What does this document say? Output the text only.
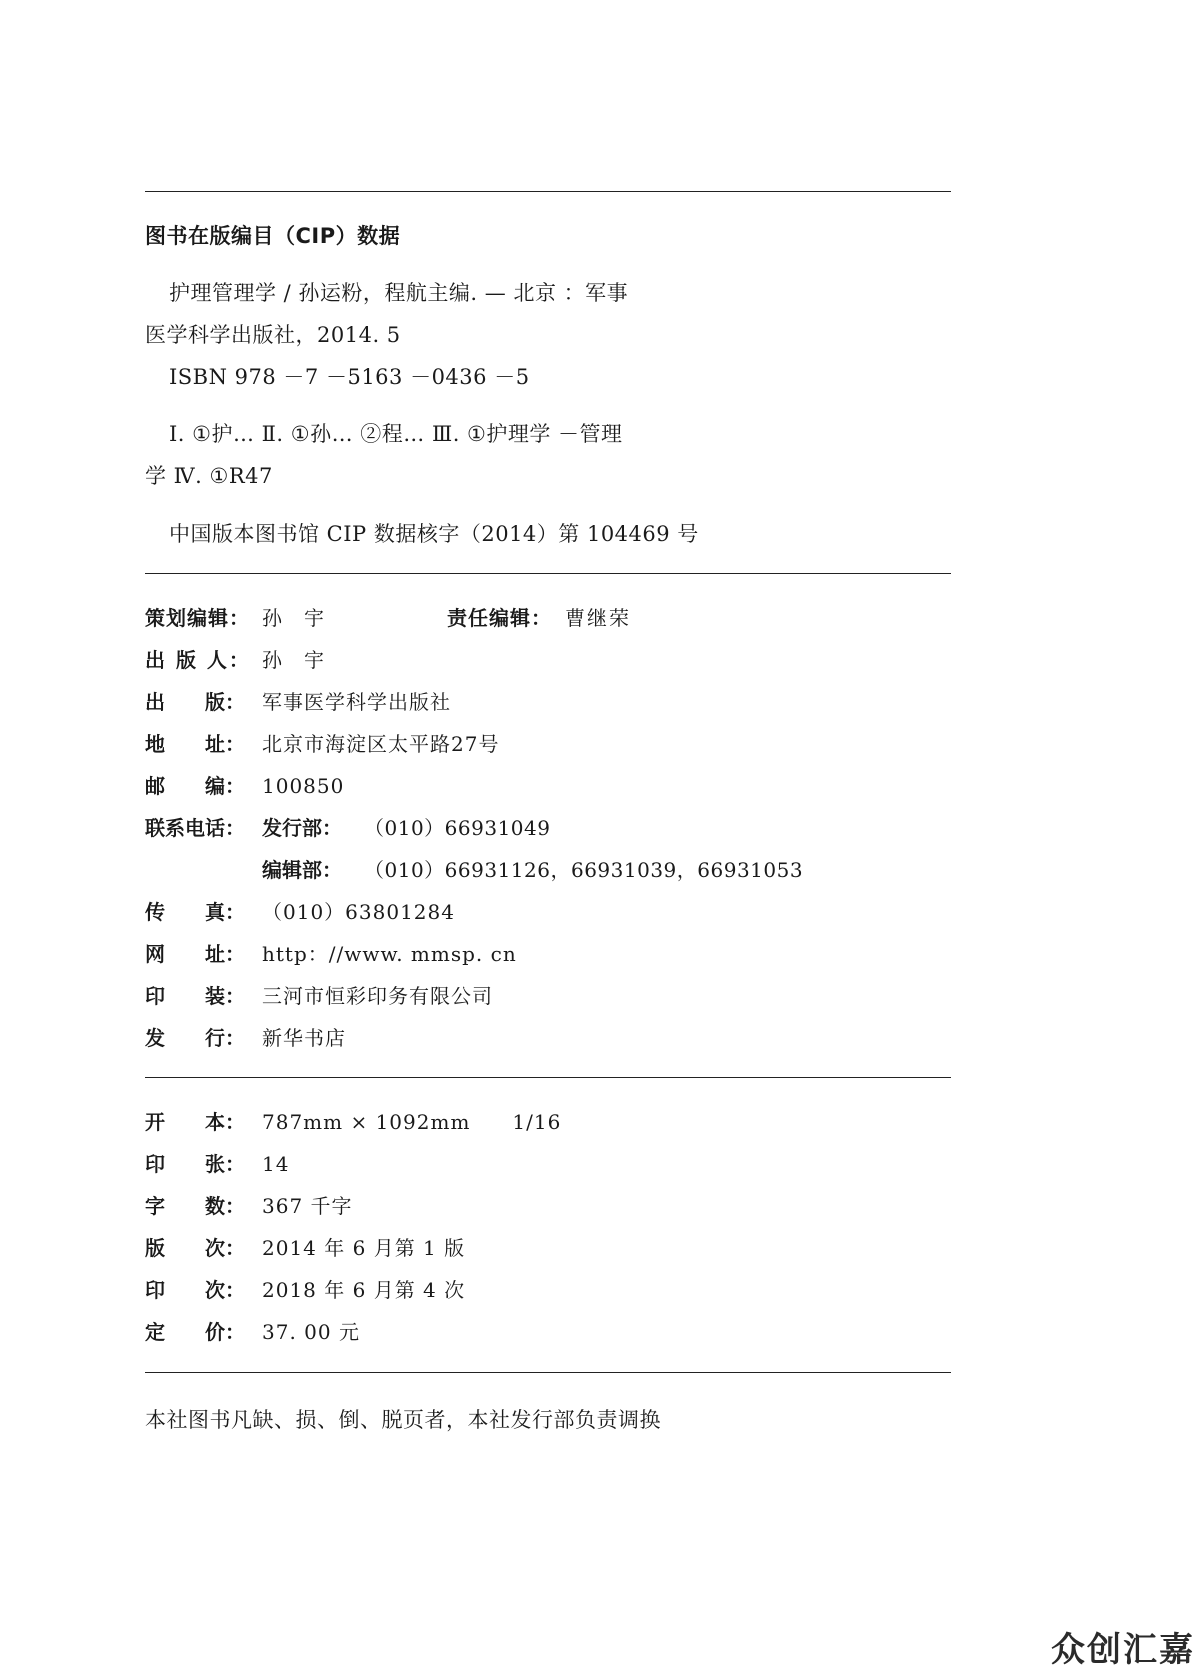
图书在版编目（CIP）数据
护理管理学 / 孙运粉，程航主编. — 北京 ：军事
医学科学出版社，2014. 5
ISBN 978 －7 －5163 －0436 －5
Ⅰ. ①护… Ⅱ. ①孙… ②程… Ⅲ. ①护理学 －管理
学 Ⅳ. ①R47
中国版本图书馆 CIP 数据核字（2014）第 104469 号
策划编辑： 孙　宇	责任编辑： 曹继荣
出 版 人： 孙　宇
出　　版： 军事医学科学出版社
地　　址： 北京市海淀区太平路27号
邮　　编： 100850
联系电话： 发行部： （010）66931049
编辑部： （010）66931126，66931039，66931053
传　　真： （010）63801284
网　　址： http：//www. mmsp. cn
印　　装： 三河市恒彩印务有限公司
发　　行： 新华书店
开　　本： 787mm × 1092mm　　1/16
印　　张： 14
字　　数： 367 千字
版　　次： 2014 年 6 月第 1 版
印　　次： 2018 年 6 月第 4 次
定　　价： 37. 00 元
本社图书凡缺、损、倒、脱页者，本社发行部负责调换
众创汇嘉
